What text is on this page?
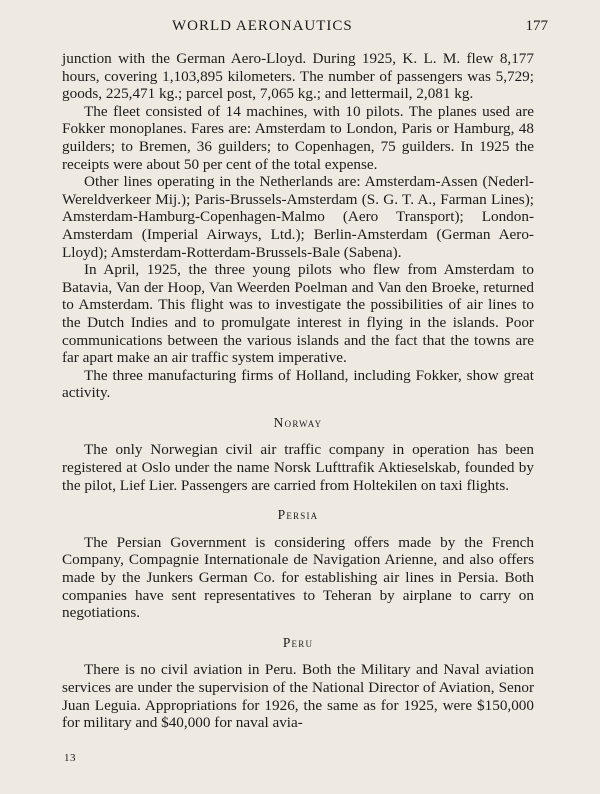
WORLD AERONAUTICS	177

junction with the German Aero-Lloyd. During 1925, K. L. M. flew 8,177 hours, covering 1,103,895 kilometers. The number of passengers was 5,729; goods, 225,471 kg.; parcel post, 7,065 kg.; and lettermail, 2,081 kg.

The fleet consisted of 14 machines, with 10 pilots. The planes used are Fokker monoplanes. Fares are: Amsterdam to London, Paris or Hamburg, 48 guilders; to Bremen, 36 guilders; to Copenhagen, 75 guilders. In 1925 the receipts were about 50 per cent of the total expense.

Other lines operating in the Netherlands are: Amsterdam-Assen (Nederl-Wereldverkeer Mij.); Paris-Brussels-Amsterdam (S. G. T. A., Farman Lines); Amsterdam-Hamburg-Copenhagen-Malmo (Aero Transport); London-Amsterdam (Imperial Airways, Ltd.); Berlin-Amsterdam (German Aero-Lloyd); Amsterdam-Rotterdam-Brussels-Bale (Sabena).

In April, 1925, the three young pilots who flew from Amsterdam to Batavia, Van der Hoop, Van Weerden Poelman and Van den Broeke, returned to Amsterdam. This flight was to investigate the possibilities of air lines to the Dutch Indies and to promulgate interest in flying in the islands. Poor communications between the various islands and the fact that the towns are far apart make an air traffic system imperative.

The three manufacturing firms of Holland, including Fokker, show great activity.

Norway

The only Norwegian civil air traffic company in operation has been registered at Oslo under the name Norsk Lufttrafik Aktieselskab, founded by the pilot, Lief Lier. Passengers are carried from Holtekilen on taxi flights.

Persia

The Persian Government is considering offers made by the French Company, Compagnie Internationale de Navigation Arienne, and also offers made by the Junkers German Co. for establishing air lines in Persia. Both companies have sent representatives to Teheran by airplane to carry on negotiations.

Peru

There is no civil aviation in Peru. Both the Military and Naval aviation services are under the supervision of the National Director of Aviation, Senor Juan Leguia. Appropriations for 1926, the same as for 1925, were $150,000 for military and $40,000 for naval avia-

13
